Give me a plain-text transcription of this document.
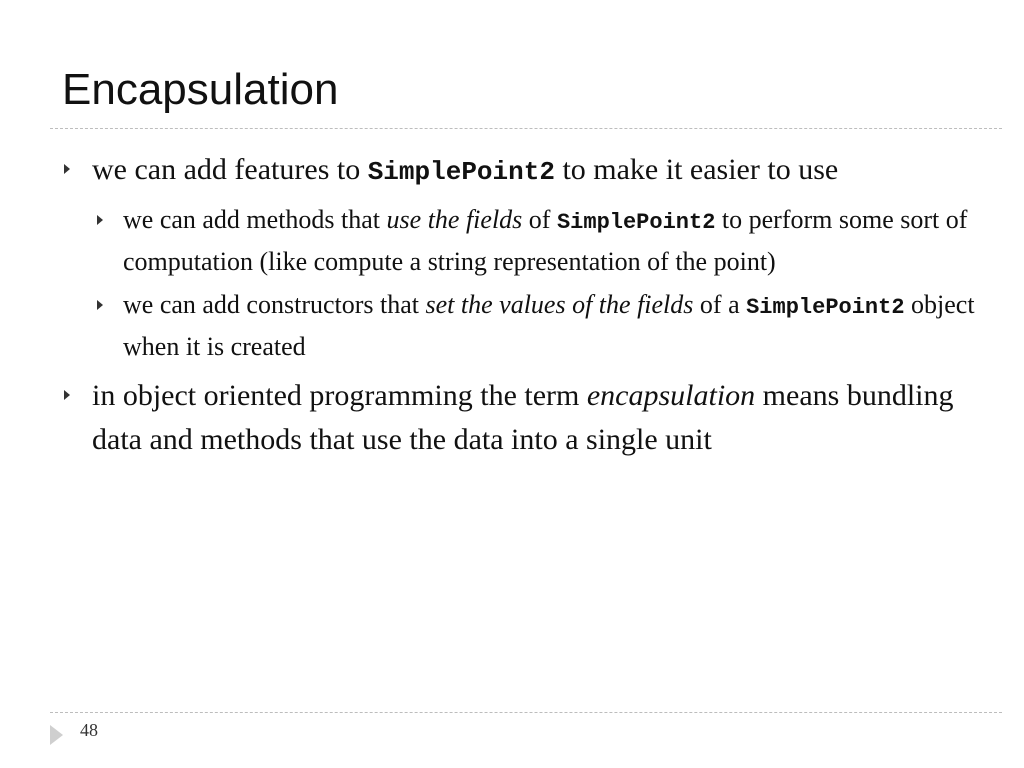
Encapsulation

we can add features to SimplePoint2 to make it easier to use

we can add methods that use the fields of SimplePoint2 to perform some sort of computation (like compute a string representation of the point)

we can add constructors that set the values of the fields of a SimplePoint2 object when it is created

in object oriented programming the term encapsulation means bundling data and methods that use the data into a single unit

48
